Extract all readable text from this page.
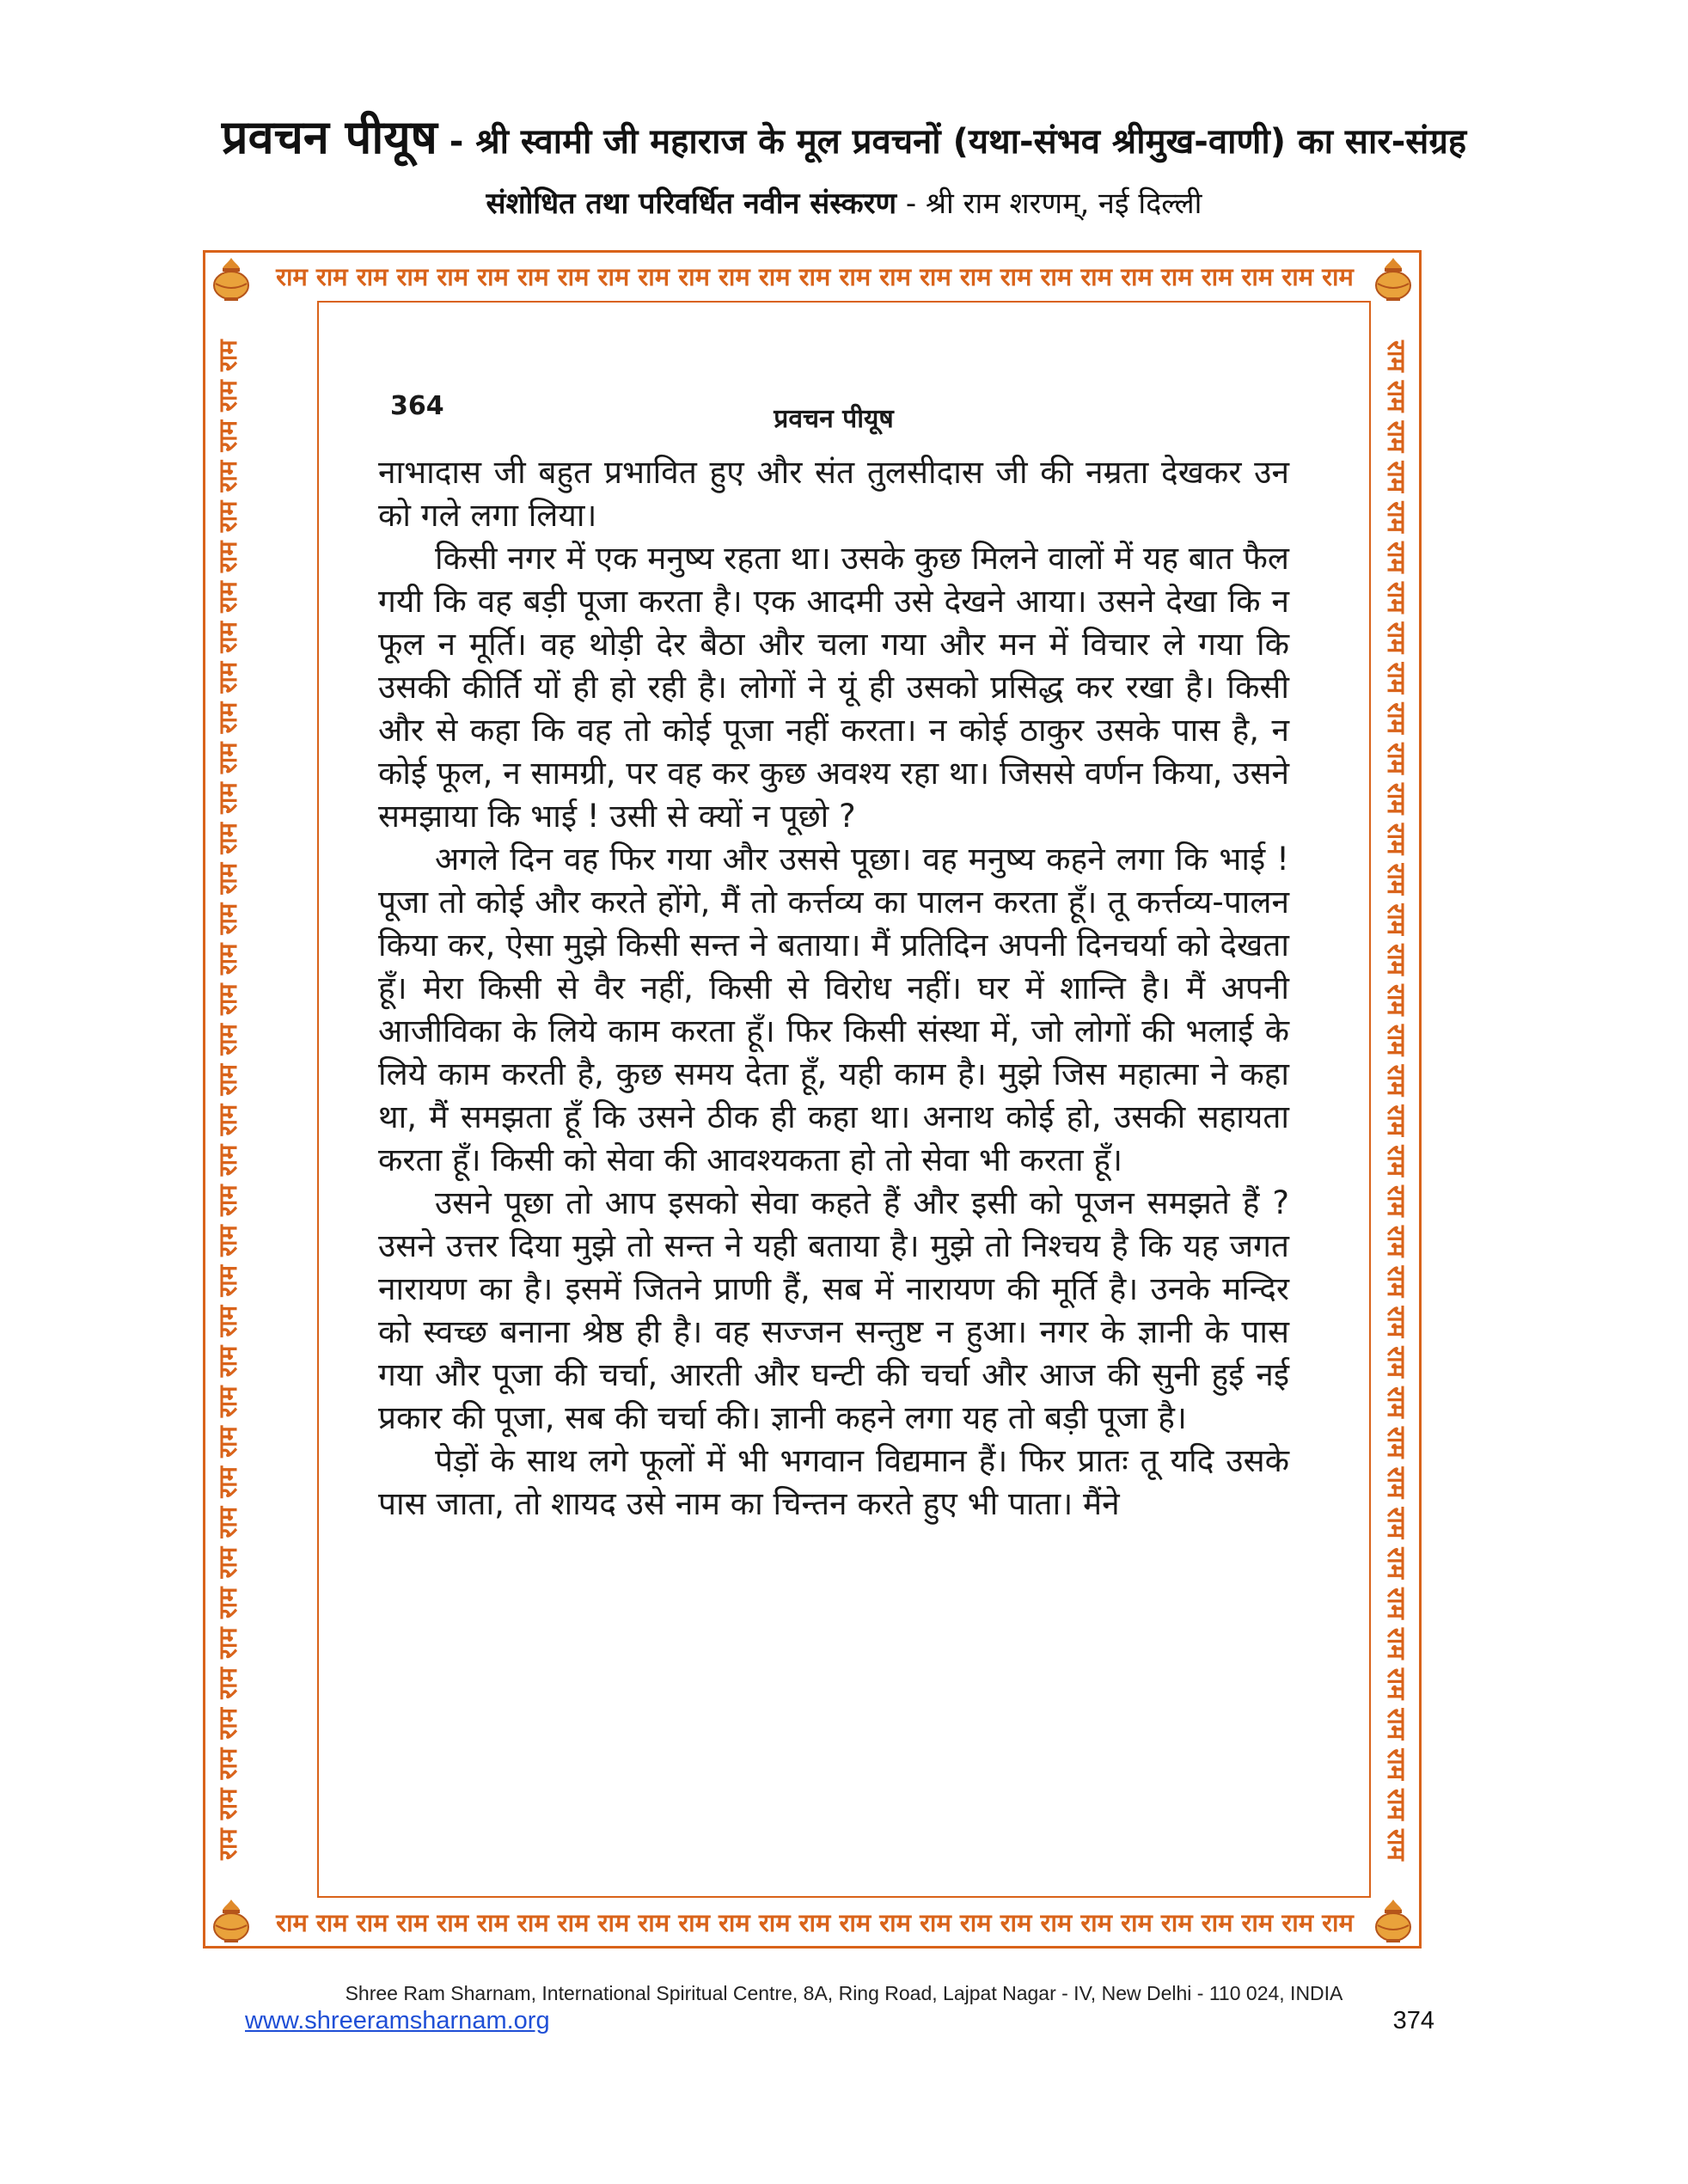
प्रवचन पीयूष - श्री स्वामी जी महाराज के मूल प्रवचनों (यथा-संभव श्रीमुख-वाणी) का सार-संग्रह
संशोधित तथा परिवर्धित नवीन संस्करण - श्री राम शरणम्, नई दिल्ली
राम राम राम राम राम राम राम राम राम राम राम राम राम राम राम राम राम राम राम राम राम राम राम राम राम राम राम
राम राम राम राम राम राम राम राम राम राम राम राम राम राम राम राम राम राम राम राम राम राम राम राम राम राम राम
राम राम राम राम राम राम राम राम राम राम राम राम राम राम राम राम राम राम राम राम राम राम राम राम राम राम राम राम राम राम राम राम राम राम राम राम राम राम	राम राम राम राम राम राम राम राम राम राम राम राम राम राम राम राम राम राम राम राम राम राम राम राम राम राम राम राम राम राम राम राम राम राम राम राम राम राम
364	प्रवचन पीयूष

नाभादास जी बहुत प्रभावित हुए और संत तुलसीदास जी की नम्रता देखकर उन को गले लगा लिया।

किसी नगर में एक मनुष्य रहता था। उसके कुछ मिलने वालों में यह बात फैल गयी कि वह बड़ी पूजा करता है। एक आदमी उसे देखने आया। उसने देखा कि न फूल न मूर्ति। वह थोड़ी देर बैठा और चला गया और मन में विचार ले गया कि उसकी कीर्ति यों ही हो रही है। लोगों ने यूं ही उसको प्रसिद्ध कर रखा है। किसी और से कहा कि वह तो कोई पूजा नहीं करता। न कोई ठाकुर उसके पास है, न कोई फूल, न सामग्री, पर वह कर कुछ अवश्य रहा था। जिससे वर्णन किया, उसने समझाया कि भाई ! उसी से क्यों न पूछो ?

अगले दिन वह फिर गया और उससे पूछा। वह मनुष्य कहने लगा कि भाई ! पूजा तो कोई और करते होंगे, मैं तो कर्त्तव्य का पालन करता हूँ। तू कर्त्तव्य-पालन किया कर, ऐसा मुझे किसी सन्त ने बताया। मैं प्रतिदिन अपनी दिनचर्या को देखता हूँ। मेरा किसी से वैर नहीं, किसी से विरोध नहीं। घर में शान्ति है। मैं अपनी आजीविका के लिये काम करता हूँ। फिर किसी संस्था में, जो लोगों की भलाई के लिये काम करती है, कुछ समय देता हूँ, यही काम है। मुझे जिस महात्मा ने कहा था, मैं समझता हूँ कि उसने ठीक ही कहा था। अनाथ कोई हो, उसकी सहायता करता हूँ। किसी को सेवा की आवश्यकता हो तो सेवा भी करता हूँ।

उसने पूछा तो आप इसको सेवा कहते हैं और इसी को पूजन समझते हैं ? उसने उत्तर दिया मुझे तो सन्त ने यही बताया है। मुझे तो निश्चय है कि यह जगत नारायण का है। इसमें जितने प्राणी हैं, सब में नारायण की मूर्ति है। उनके मन्दिर को स्वच्छ बनाना श्रेष्ठ ही है। वह सज्जन सन्तुष्ट न हुआ। नगर के ज्ञानी के पास गया और पूजा की चर्चा, आरती और घन्टी की चर्चा और आज की सुनी हुई नई प्रकार की पूजा, सब की चर्चा की। ज्ञानी कहने लगा यह तो बड़ी पूजा है।

पेड़ों के साथ लगे फूलों में भी भगवान विद्यमान हैं। फिर प्रातः तू यदि उसके पास जाता, तो शायद उसे नाम का चिन्तन करते हुए भी पाता। मैंने

Shree Ram Sharnam, International Spiritual Centre, 8A, Ring Road, Lajpat Nagar - IV, New Delhi - 110 024, INDIA
www.shreeramsharnam.org	374
